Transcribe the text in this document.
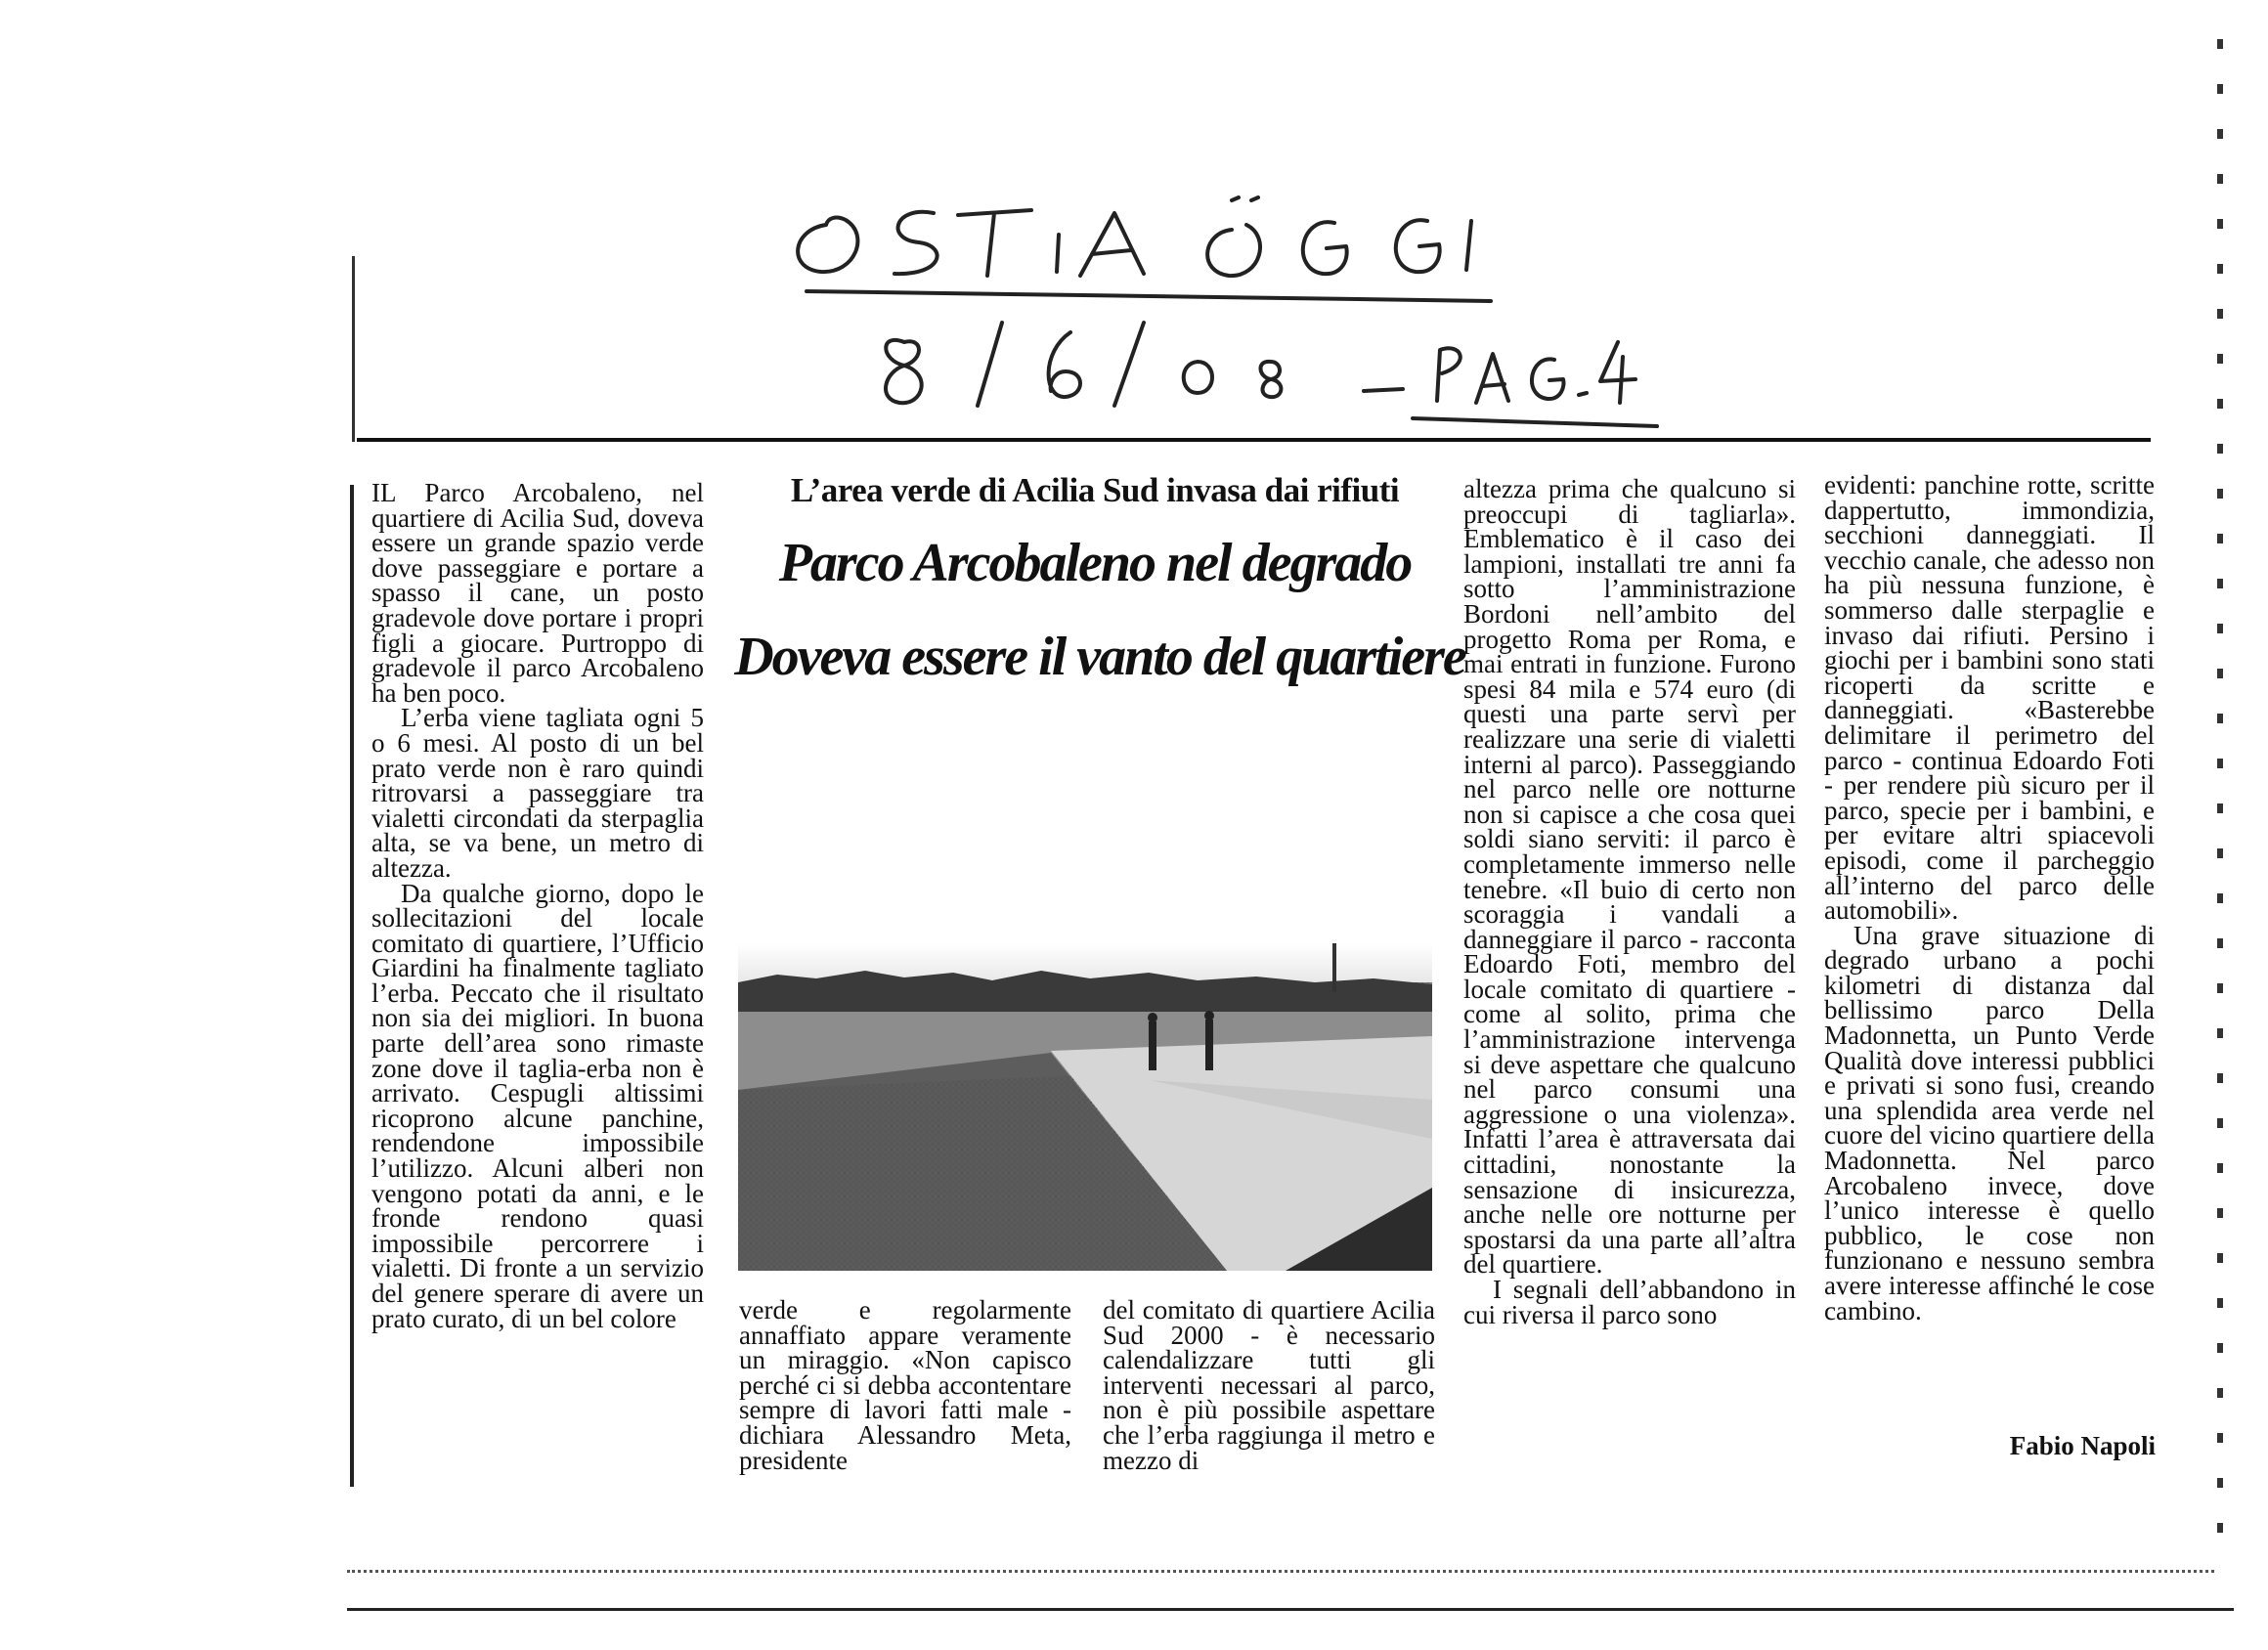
L’area verde di Acilia Sud invasa dai rifiuti
Parco Arcobaleno nel degrado
Doveva essere il vanto del quartiere

IL Parco Arcobaleno, nel quartiere di Acilia Sud, doveva essere un grande spazio verde dove passeggiare e portare a spasso il cane, un posto gradevole dove portare i propri figli a giocare. Purtroppo di gradevole il parco Arcobaleno ha ben poco.

L’erba viene tagliata ogni 5 o 6 mesi. Al posto di un bel prato verde non è raro quindi ritrovarsi a passeggiare tra vialetti circondati da sterpaglia alta, se va bene, un metro di altezza.

Da qualche giorno, dopo le sollecitazioni del locale comitato di quartiere, l’Ufficio Giardini ha finalmente tagliato l’erba. Peccato che il risultato non sia dei migliori. In buona parte dell’area sono rimaste zone dove il taglia-erba non è arrivato. Cespugli altissimi ricoprono alcune panchine, rendendone impossibile l’utilizzo. Alcuni alberi non vengono potati da anni, e le fronde rendono quasi impossibile percorrere i vialetti. Di fronte a un servizio del genere sperare di avere un prato curato, di un bel colore	verde e regolarmente annaffiato appare veramente un miraggio. «Non capisco perché ci si debba accontentare sempre di lavori fatti male - dichiara Alessandro Meta, presidente

del comitato di quartiere Acilia Sud 2000 - è necessario calendalizzare tutti gli interventi necessari al parco, non è più possibile aspettare che l’erba raggiunga il metro e mezzo di

altezza prima che qualcuno si preoccupi di tagliarla». Emblematico è il caso dei lampioni, installati tre anni fa sotto l’amministrazione Bordoni nell’ambito del progetto Roma per Roma, e mai entrati in funzione. Furono spesi 84 mila e 574 euro (di questi una parte servì per realizzare una serie di vialetti interni al parco). Passeggiando nel parco nelle ore notturne non si capisce a che cosa quei soldi siano serviti: il parco è completamente immerso nelle tenebre. «Il buio di certo non scoraggia i vandali a danneggiare il parco - racconta Edoardo Foti, membro del locale comitato di quartiere - come al solito, prima che l’amministrazione intervenga si deve aspettare che qualcuno nel parco consumi una aggressione o una violenza». Infatti l’area è attraversata dai cittadini, nonostante la sensazione di insicurezza, anche nelle ore notturne per spostarsi da una parte all’altra del quartiere.

I segnali dell’abbandono in cui riversa il parco sono

evidenti: panchine rotte, scritte dappertutto, immondizia, secchioni danneggiati. Il vecchio canale, che adesso non ha più nessuna funzione, è sommerso dalle sterpaglie e invaso dai rifiuti. Persino i giochi per i bambini sono stati ricoperti da scritte e danneggiati. «Basterebbe delimitare il perimetro del parco - continua Edoardo Foti - per rendere più sicuro per il parco, specie per i bambini, e per evitare altri spiacevoli episodi, come il parcheggio all’interno del parco delle automobili».

Una grave situazione di degrado urbano a pochi kilometri di distanza dal bellissimo parco Della Madonnetta, un Punto Verde Qualità dove interessi pubblici e privati si sono fusi, creando una splendida area verde nel cuore del vicino quartiere della Madonnetta. Nel parco Arcobaleno invece, dove l’unico interesse è quello pubblico, le cose non funzionano e nessuno sembra avere interesse affinché le cose cambino.

Fabio Napoli
